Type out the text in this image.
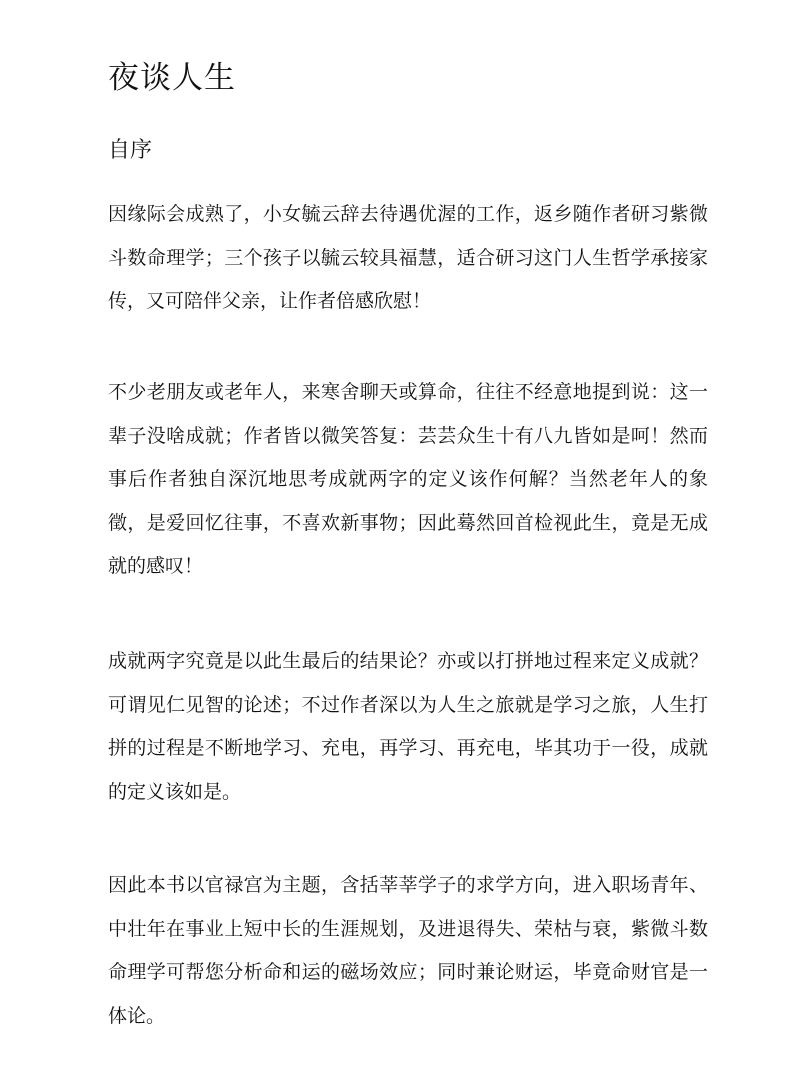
夜谈人生
自序

因缘际会成熟了，小女毓云辞去待遇优渥的工作，返乡随作者研习紫微斗数命理学；三个孩子以毓云较具福慧，适合研习这门人生哲学承接家传，又可陪伴父亲，让作者倍感欣慰！

不少老朋友或老年人，来寒舍聊天或算命，往往不经意地提到说：这一辈子没啥成就；作者皆以微笑答复：芸芸众生十有八九皆如是呵！然而事后作者独自深沉地思考成就两字的定义该作何解？当然老年人的象徵，是爱回忆往事，不喜欢新事物；因此蓦然回首检视此生，竟是无成就的感叹！

成就两字究竟是以此生最后的结果论？亦或以打拼地过程来定义成就？可谓见仁见智的论述；不过作者深以为人生之旅就是学习之旅，人生打拼的过程是不断地学习、充电，再学习、再充电，毕其功于一役，成就的定义该如是。

因此本书以官禄宫为主题，含括莘莘学子的求学方向，进入职场青年、中壮年在事业上短中长的生涯规划，及进退得失、荣枯与衰，紫微斗数命理学可帮您分析命和运的磁场效应；同时兼论财运，毕竟命财官是一体论。
